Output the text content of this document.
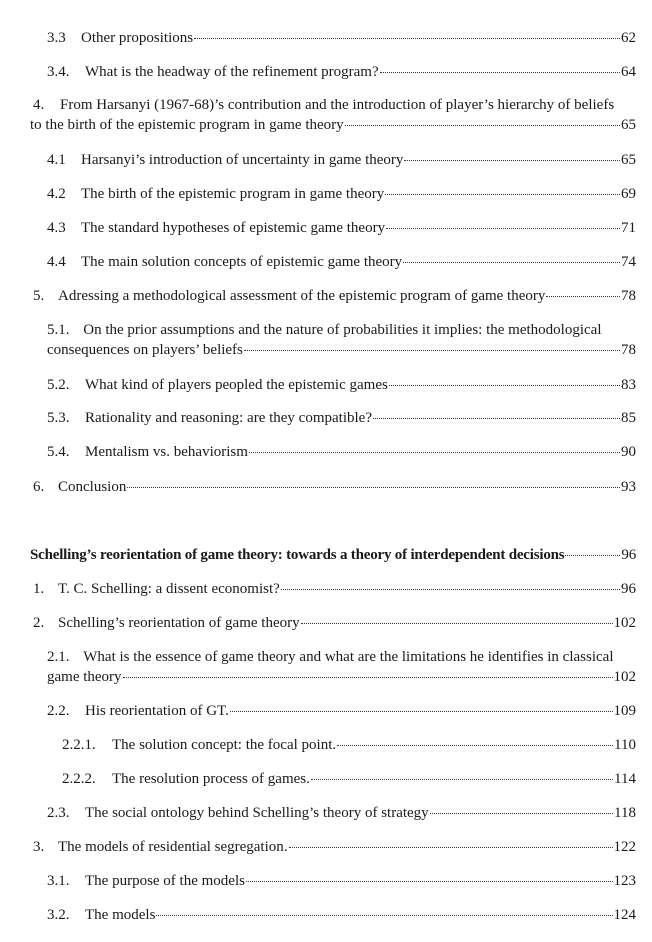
3.3	Other propositions	62
3.4.	What is the headway of the refinement program?	64
4. From Harsanyi (1967-68)’s contribution and the introduction of player’s hierarchy of beliefs
to the birth of the epistemic program in game theory	65
4.1	Harsanyi’s introduction of uncertainty in game theory	65
4.2	The birth of the epistemic program in game theory	69
4.3	The standard hypotheses of epistemic game theory	71
4.4	The main solution concepts of epistemic game theory	74
5. Adressing a methodological assessment of the epistemic program of game theory	78
5.1. On the prior assumptions and the nature of probabilities it implies: the methodological
consequences on players’ beliefs	78
5.2.	What kind of players peopled the epistemic games	83
5.3.	Rationality and reasoning: are they compatible?	85
5.4.	Mentalism vs. behaviorism	90
6. Conclusion	93
Schelling’s reorientation of game theory: towards a theory of interdependent decisions	96
1. T. C. Schelling: a dissent economist?	96
2. Schelling’s reorientation of game theory	102
2.1. What is the essence of game theory and what are the limitations he identifies in classical
game theory	102
2.2.	His reorientation of GT.	109
2.2.1.	The solution concept: the focal point.	110
2.2.2.	The resolution process of games.	114
2.3.	The social ontology behind Schelling’s theory of strategy	118
3. The models of residential segregation.	122
3.1.	The purpose of the models	123
3.2.	The models	124
